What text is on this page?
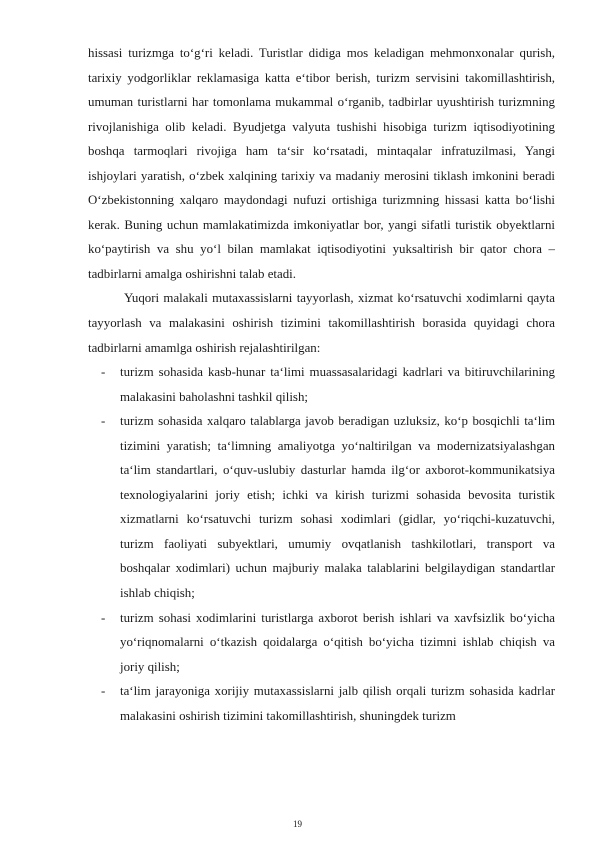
hissasi turizmga to‘g‘ri keladi. Turistlar didiga mos keladigan mehmonxonalar qurish, tarixiy yodgorliklar reklamasiga katta e‘tibor berish, turizm servisini takomillashtirish, umuman turistlarni har tomonlama mukammal o‘rganib, tadbirlar uyushtirish turizmning rivojlanishiga olib keladi. Byudjetga valyuta tushishi hisobiga turizm iqtisodiyotining boshqa tarmoqlari rivojiga ham ta‘sir ko‘rsatadi, mintaqalar infratuzilmasi, Yangi ishjoylari yaratish, o‘zbek xalqining tarixiy va madaniy merosini tiklash imkonini beradi O‘zbekistonning xalqaro maydondagi nufuzi ortishiga turizmning hissasi katta bo‘lishi kerak. Buning uchun mamlakatimizda imkoniyatlar bor, yangi sifatli turistik obyektlarni ko‘paytirish va shu yo‘l bilan mamlakat iqtisodiyotini yuksaltirish bir qator chora –tadbirlarni amalga oshirishni talab etadi.

Yuqori malakali mutaxassislarni tayyorlash, xizmat ko‘rsatuvchi xodimlarni qayta tayyorlash va malakasini oshirish tizimini takomillashtirish borasida quyidagi chora tadbirlarni amamlga oshirish rejalashtirilgan:

- turizm sohasida kasb-hunar ta‘limi muassasalaridagi kadrlari va bitiruvchilarining malakasini baholashni tashkil qilish;
- turizm sohasida xalqaro talablarga javob beradigan uzluksiz, ko‘p bosqichli ta‘lim tizimini yaratish; ta‘limning amaliyotga yo‘naltirilgan va modernizatsiyalashgan ta‘lim standartlari, o‘quv-uslubiy dasturlar hamda ilg‘or axborot-kommunikatsiya texnologiyalarini joriy etish; ichki va kirish turizmi sohasida bevosita turistik xizmatlarni ko‘rsatuvchi turizm sohasi xodimlari (gidlar, yo‘riqchi-kuzatuvchi, turizm faoliyati subyektlari, umumiy ovqatlanish tashkilotlari, transport va boshqalar xodimlari) uchun majburiy malaka talablarini belgilaydigan standartlar ishlab chiqish;
- turizm sohasi xodimlarini turistlarga axborot berish ishlari va xavfsizlik bo‘yicha yo‘riqnomalarni o‘tkazish qoidalarga o‘qitish bo‘yicha tizimni ishlab chiqish va joriy qilish;
- ta‘lim jarayoniga xorijiy mutaxassislarni jalb qilish orqali turizm sohasida kadrlar malakasini oshirish tizimini takomillashtirish, shuningdek turizm
19
